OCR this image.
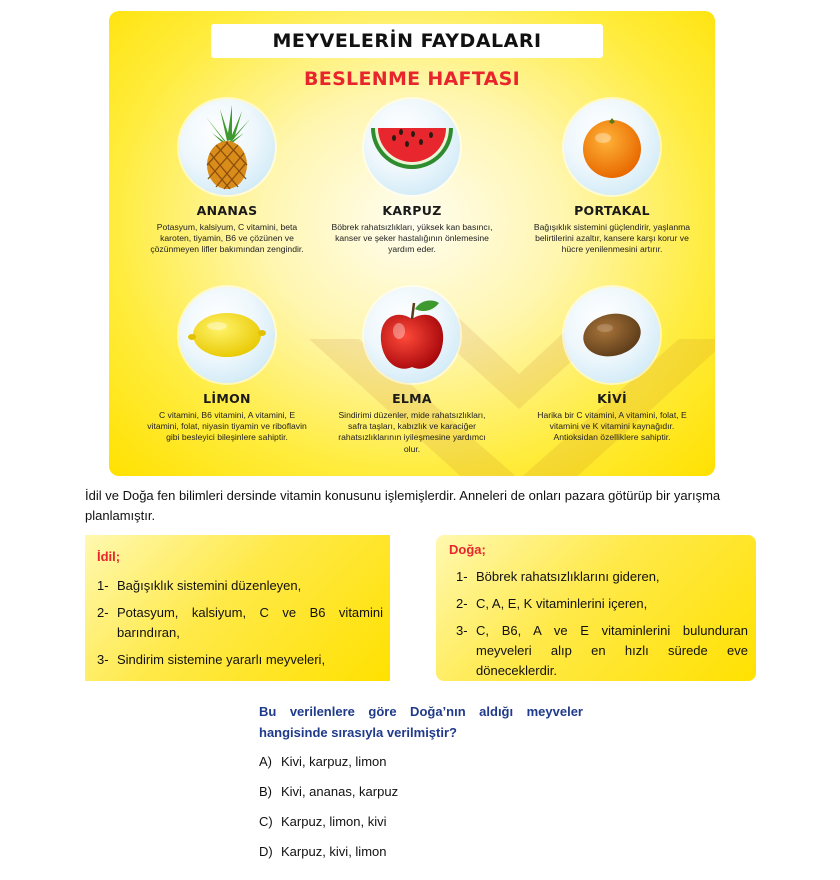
MEYVELERİN FAYDALARI
BESLENME HAFTASI
ANANAS
Potasyum, kalsiyum, C vitamini, beta karoten, tiyamin, B6 ve çözünen ve çözünmeyen lifler bakımından zengindir.
KARPUZ
Böbrek rahatsızlıkları, yüksek kan basıncı, kanser ve şeker hastalığının önlemesine yardım eder.
PORTAKAL
Bağışıklık sistemini güçlendirir, yaşlanma belirtilerini azaltır, kansere karşı korur ve hücre yenilenmesini artırır.
LİMON
C vitamini, B6 vitamini, A vitamini, E vitamini, folat, niyasin tiyamin ve riboflavin gibi besleyici bileşinlere sahiptir.
ELMA
Sindirimi düzenler, mide rahatsızlıkları, safra taşları, kabızlık ve karaciğer rahatsızlıklarının iyileşmesine yardımcı olur.
KİVİ
Harika bir C vitamini, A vitamini, folat, E vitamini ve K vitamini kaynağıdır. Antioksidan özelliklere sahiptir.
İdil ve Doğa fen bilimleri dersinde vitamin konusunu işlemişlerdir. Anneleri de onları pazara götürüp bir yarışma planlamıştır.
İdil;
1- Bağışıklık sistemini düzenleyen,
2- Potasyum, kalsiyum, C ve B6 vitamini barındıran,
3- Sindirim sistemine yararlı meyveleri,
Doğa;
1- Böbrek rahatsızlıklarını gideren,
2- C, A, E, K vitaminlerini içeren,
3- C, B6, A ve E vitaminlerini bulunduran meyveleri alıp en hızlı sürede eve döneceklerdir.
Bu verilenlere göre Doğa’nın aldığı meyveler hangisinde sırasıyla verilmiştir?
A) Kivi, karpuz, limon
B) Kivi, ananas, karpuz
C) Karpuz, limon, kivi
D) Karpuz, kivi, limon
